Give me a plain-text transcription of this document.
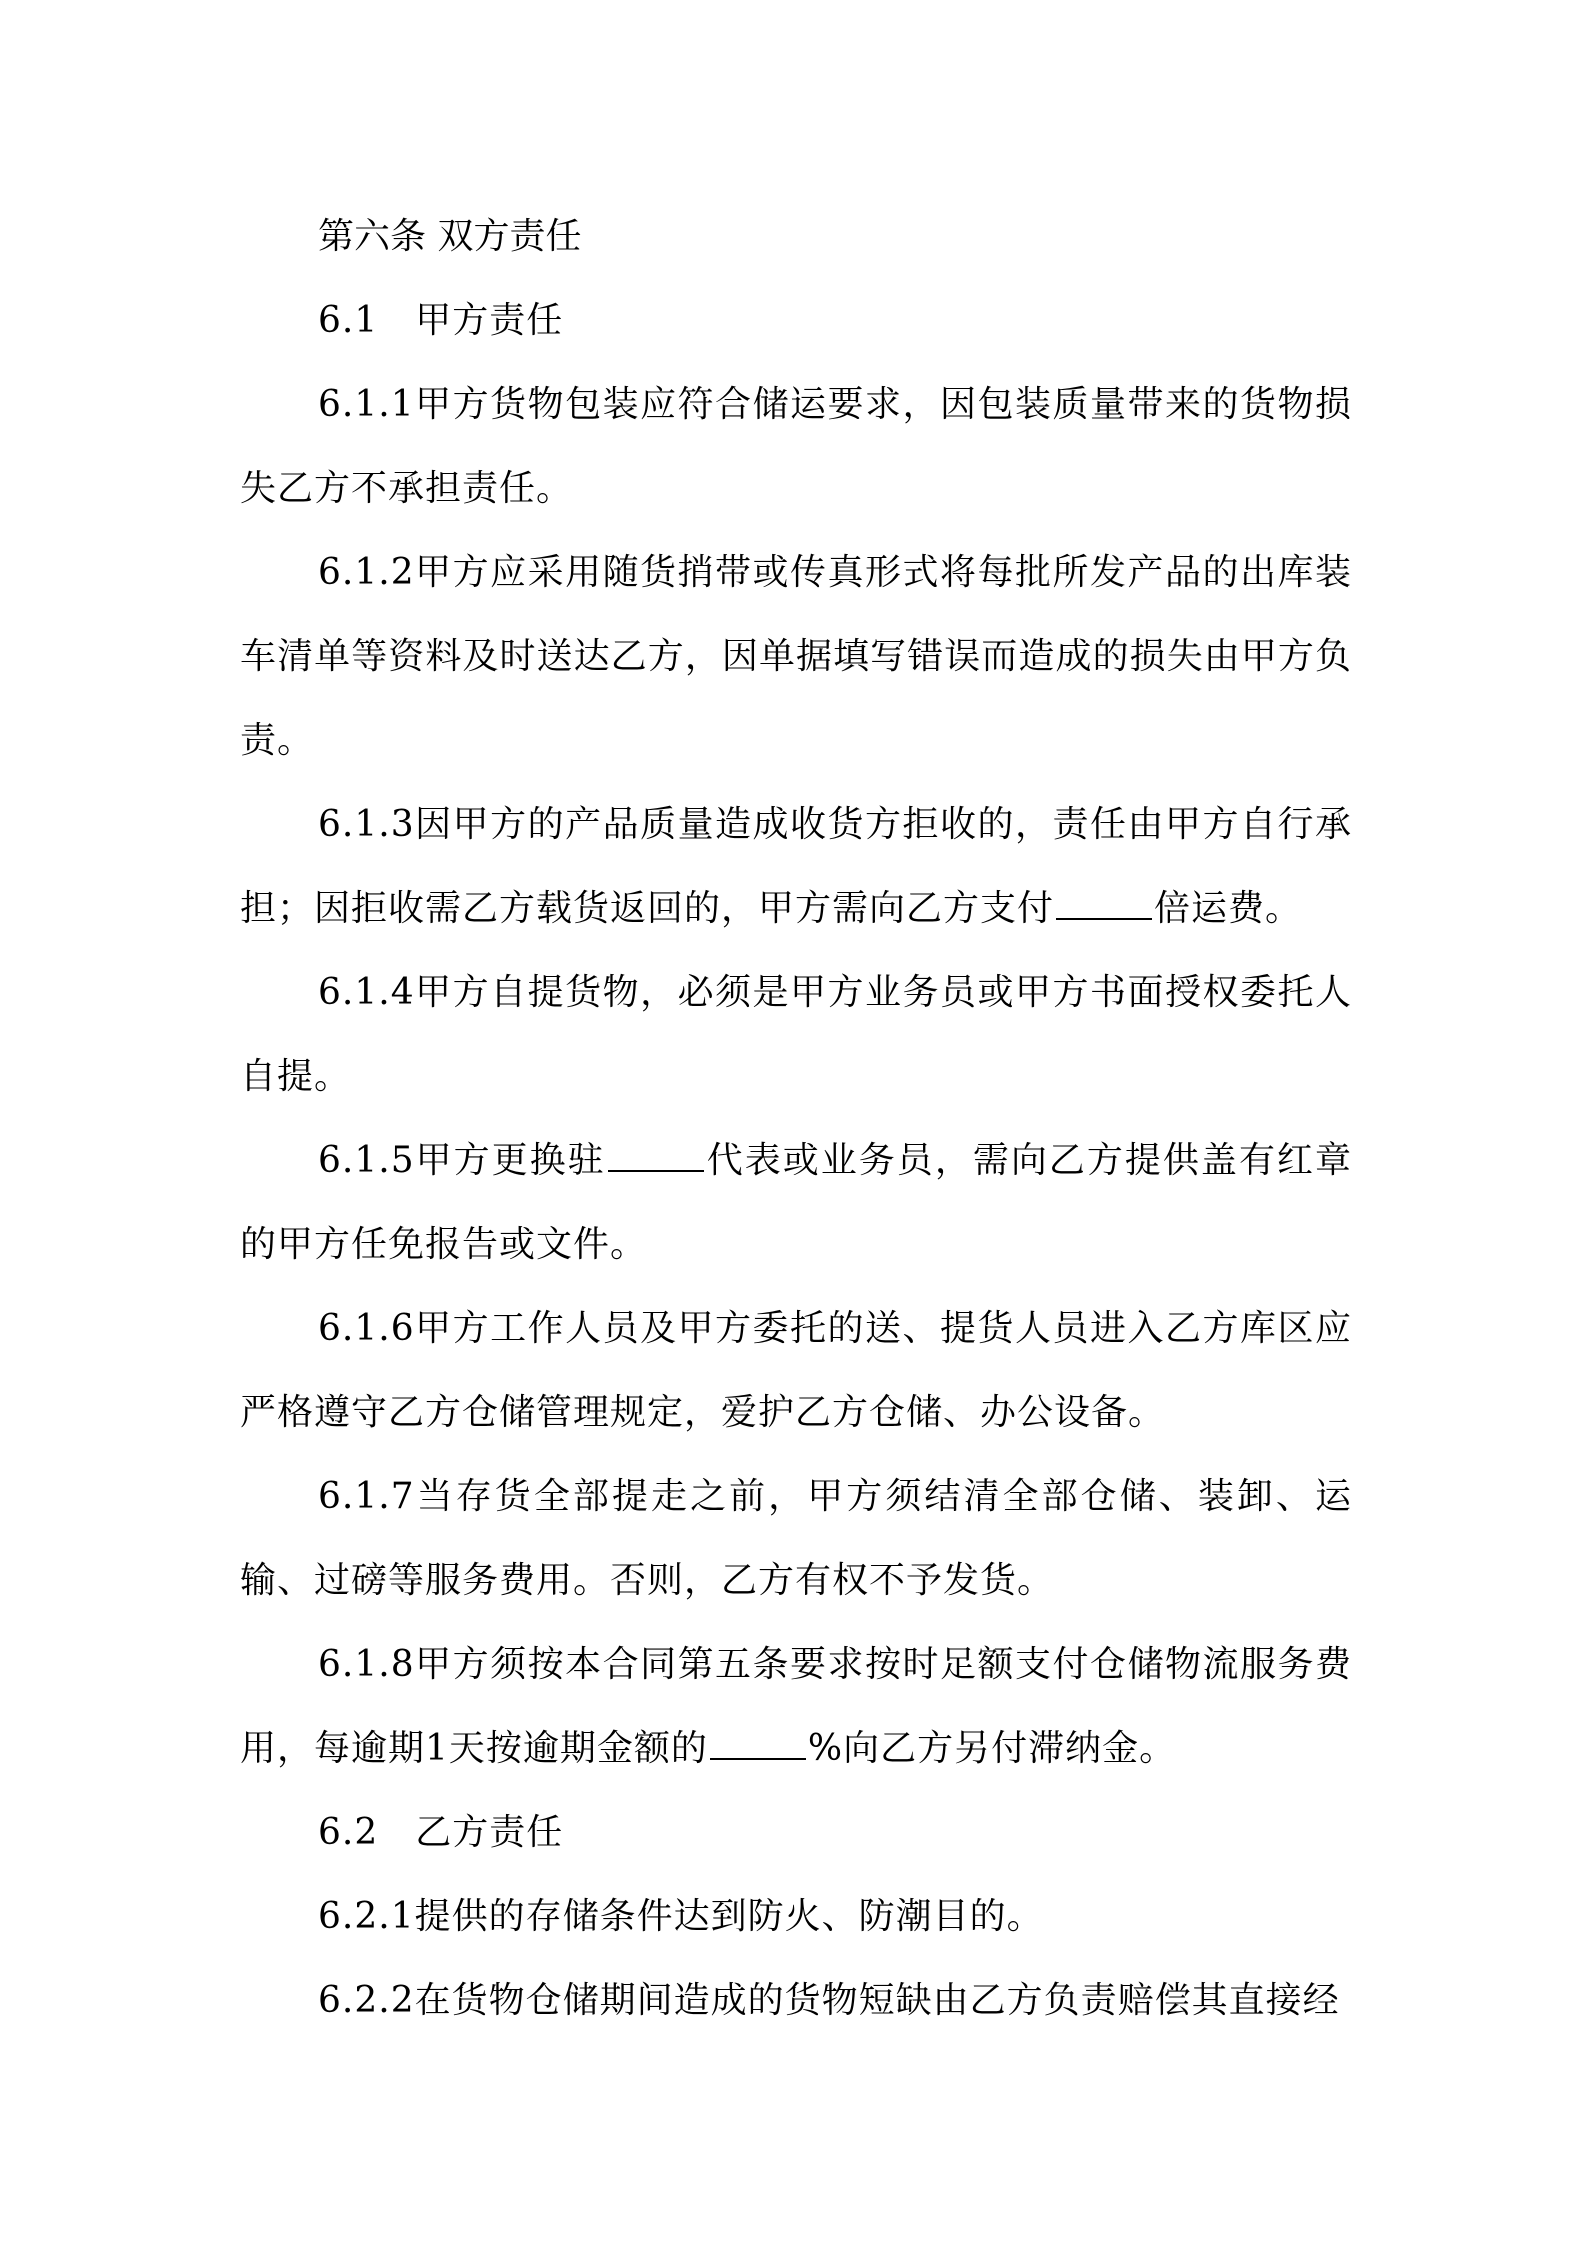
第六条 双方责任

6.1　甲方责任

6.1.1甲方货物包装应符合储运要求，因包装质量带来的货物损失乙方不承担责任。

6.1.2甲方应采用随货捎带或传真形式将每批所发产品的出库装车清单等资料及时送达乙方，因单据填写错误而造成的损失由甲方负责。

6.1.3因甲方的产品质量造成收货方拒收的，责任由甲方自行承担；因拒收需乙方载货返回的，甲方需向乙方支付	倍运费。

6.1.4甲方自提货物，必须是甲方业务员或甲方书面授权委托人自提。

6.1.5甲方更换驻	代表或业务员，需向乙方提供盖有红章的甲方任免报告或文件。

6.1.6甲方工作人员及甲方委托的送、提货人员进入乙方库区应严格遵守乙方仓储管理规定，爱护乙方仓储、办公设备。

6.1.7当存货全部提走之前，甲方须结清全部仓储、装卸、运输、过磅等服务费用。否则，乙方有权不予发货。

6.1.8甲方须按本合同第五条要求按时足额支付仓储物流服务费用，每逾期1天按逾期金额的	%向乙方另付滞纳金。

6.2　乙方责任

6.2.1提供的存储条件达到防火、防潮目的。

6.2.2在货物仓储期间造成的货物短缺由乙方负责赔偿其直接经
